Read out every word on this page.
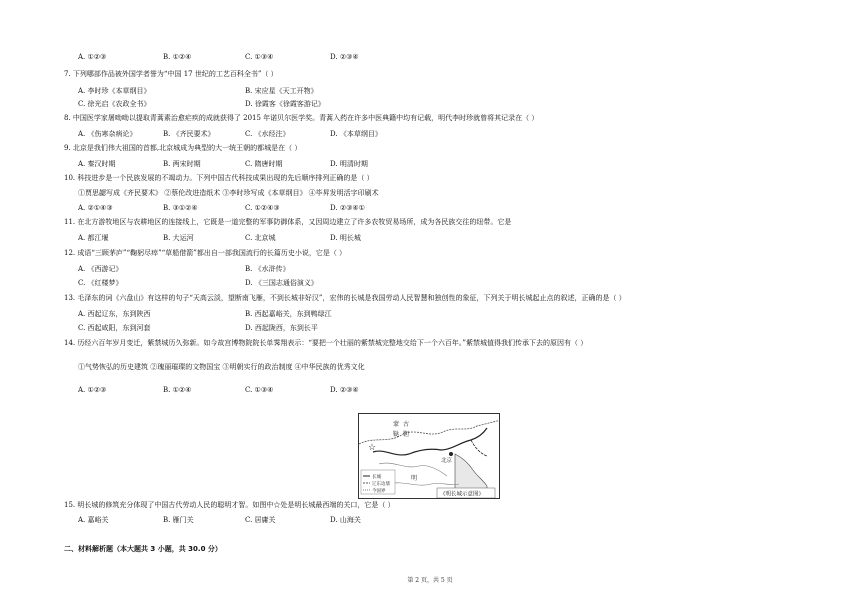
A. ①②③	B. ①②④	C. ①③④	D. ②③④
7. 下列哪部作品被外国学者誉为“中国 17 世纪的工艺百科全书”（ ）
A. 李时珍《本草纲目》	B. 宋应星《天工开物》
C. 徐光启《农政全书》	D. 徐霞客《徐霞客游记》
8. 中国医学家屠呦呦以提取青蒿素治愈疟疾的成就获得了 2015 年诺贝尔医学奖。青蒿入药在许多中医典籍中均有记载，明代李时珍就曾将其记录在（ ）
A. 《伤寒杂病论》	B. 《齐民要术》	C. 《水经注》	D. 《本草纲目》
9. 北京是我们伟大祖国的首都,北京城成为典型的大一统王朝的都城是在（ ）
A. 秦汉时期	B. 两宋时期	C. 隋唐时期	D. 明清时期
10. 科技进步是一个民族发展的不竭动力。下列中国古代科技成果出现的先后顺序排列正确的是（ ）
①贾思勰写成《齐民要术》 ②蔡伦改进造纸术 ③李时珍写成《本草纲目》 ④毕昇发明活字印刷术
A. ②①④③	B. ③①②④	C. ①②④③	D. ②③④①
11. 在北方游牧地区与农耕地区的连接线上，它既是一道完整的军事防御体系，又因周边建立了许多农牧贸易场所，成为各民族交往的纽带。它是
A. 都江堰	B. 大运河	C. 北京城	D. 明长城
12. 成语“三顾茅庐”“鞠躬尽瘁”“草船借箭”都出自一部我国流行的长篇历史小说，它是（ ）
A. 《西游记》	B. 《水浒传》
C. 《红楼梦》	D. 《三国志通俗演义》
13. 毛泽东的词《六盘山》有这样的句子“天高云淡，望断南飞雁，不到长城非好汉”，宏伟的长城是我国劳动人民智慧和独创性的象征，下列关于明长城起止点的叙述，正确的是（ ）
A. 西起辽东，东到陕西	B. 西起嘉峪关，东到鸭绿江
C. 西起咸阳，东到河套	D. 西起陇西，东到长平
14. 历经六百年岁月变迁，紫禁城历久弥新。如今故宫博物院院长单霁翔表示：“要把一个壮丽的紫禁城完整地交给下一个六百年。”紫禁城值得我们传承下去的原因有（ ）
①气势恢弘的历史建筑 ②瑰丽璀璨的文物国宝 ③明朝实行的政治制度 ④中华民族的优秀文化
A. ①②③	B. ①②④	C. ①③④	D. ②③④
☆
蒙 古
鞑 靼
北京
明
长城
辽东边墙
今国界	《明长城示意图》
15. 明长城的修筑充分体现了中国古代劳动人民的聪明才智。如图中☆处是明长城最西端的关口，它是（ ）
A. 嘉峪关	B. 雁门关	C. 居庸关	D. 山海关
二、材料解析题（本大题共 3 小题，共 30.0 分）
第 2 页，共 5 页
